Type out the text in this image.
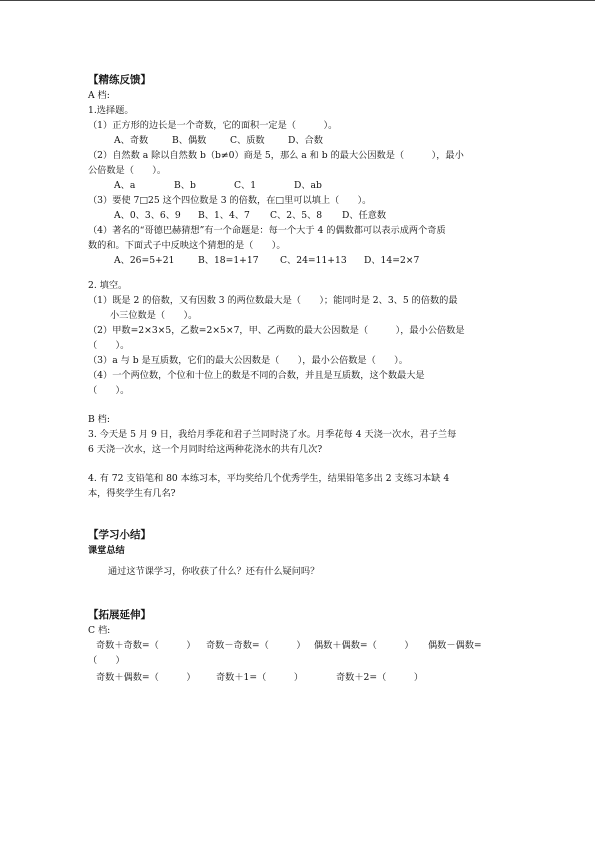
【精练反馈】
A 档:
1.选择题。
（1）正方形的边长是一个奇数，它的面积一定是（　　　）。
A、奇数	B、偶数	C、质数	D、合数
（2）自然数 a 除以自然数 b（b≠0）商是 5，那么 a 和 b 的最大公因数是（　　　），最小
公倍数是（　　）。
A、a	B、b	C、1	D、ab
（3）要使 7□25 这个四位数是 3 的倍数，在□里可以填上（　　）。
A、0、3、6、9 B、1、4、7 C、2、5、8 D、任意数
（4）著名的“哥德巴赫猜想”有一个命题是：每一个大于 4 的偶数都可以表示成两个奇质
数的和。下面式子中反映这个猜想的是（　　）。
A、26=5+21	B、18=1+17 C、24=11+13 D、14=2×7
2. 填空。
（1）既是 2 的倍数，又有因数 3 的两位数最大是（　　）；能同时是 2、3、5 的倍数的最
小三位数是（　　）。
（2）甲数=2×3×5，乙数=2×5×7，甲、乙两数的最大公因数是（　　　），最小公倍数是
（　　）。
（3）a 与 b 是互质数，它们的最大公因数是（　　），最小公倍数是（　　）。
（4）一个两位数，个位和十位上的数是不同的合数，并且是互质数，这个数最大是
（　　）。
B 档:
3. 今天是 5 月 9 日，我给月季花和君子兰同时浇了水。月季花每 4 天浇一次水，君子兰每
6 天浇一次水，这一个月同时给这两种花浇水的共有几次?
4. 有 72 支铅笔和 80 本练习本，平均奖给几个优秀学生，结果铅笔多出 2 支练习本缺 4
本，得奖学生有几名?
【学习小结】
课堂总结
通过这节课学习，你收获了什么？还有什么疑问吗？
【拓展延伸】
C 档:
奇数＋奇数=（　　　） 奇数－奇数=（　　　） 偶数＋偶数=（　　　） 偶数－偶数=
（　　）
奇数＋偶数=（　　　） 奇数＋1=（　　　）	奇数＋2=（　　　）
